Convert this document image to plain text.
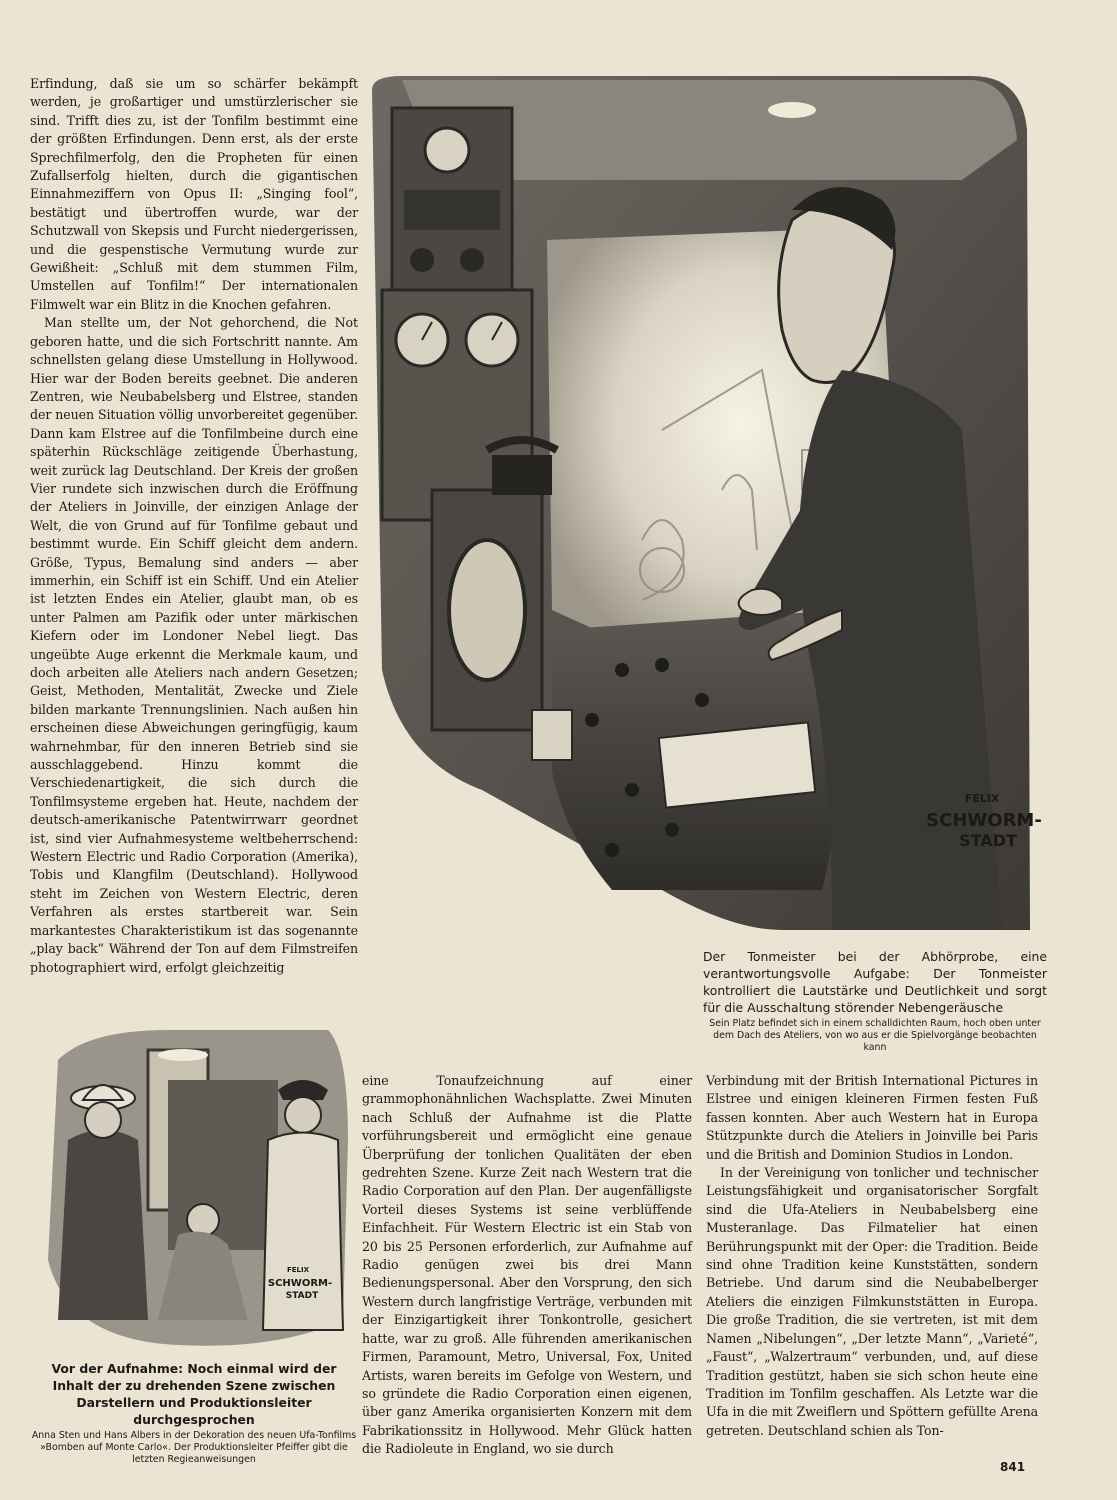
Erfindung, daß sie um so schärfer bekämpft werden, je großartiger und umstürzlerischer sie sind. Trifft dies zu, ist der Tonfilm bestimmt eine der größten Erfindungen. Denn erst, als der erste Sprechfilmerfolg, den die Propheten für einen Zufallserfolg hielten, durch die gigantischen Einnahmeziffern von Opus II: „Singing fool“, bestätigt und übertroffen wurde, war der Schutzwall von Skepsis und Furcht niedergerissen, und die gespenstische Vermutung wurde zur Gewißheit: „Schluß mit dem stummen Film, Umstellen auf Tonfilm!“ Der internationalen Filmwelt war ein Blitz in die Knochen gefahren.

Man stellte um, der Not gehorchend, die Not geboren hatte, und die sich Fortschritt nannte. Am schnellsten gelang diese Umstellung in Hollywood. Hier war der Boden bereits geebnet. Die anderen Zentren, wie Neubabelsberg und Elstree, standen der neuen Situation völlig unvorbereitet gegenüber. Dann kam Elstree auf die Tonfilmbeine durch eine späterhin Rückschläge zeitigende Überhastung, weit zurück lag Deutschland. Der Kreis der großen Vier rundete sich inzwischen durch die Eröffnung der Ateliers in Joinville, der einzigen Anlage der Welt, die von Grund auf für Tonfilme gebaut und bestimmt wurde. Ein Schiff gleicht dem andern. Größe, Typus, Bemalung sind anders — aber immerhin, ein Schiff ist ein Schiff. Und ein Atelier ist letzten Endes ein Atelier, glaubt man, ob es unter Palmen am Pazifik oder unter märkischen Kiefern oder im Londoner Nebel liegt. Das ungeübte Auge erkennt die Merkmale kaum, und doch arbeiten alle Ateliers nach andern Gesetzen; Geist, Methoden, Mentalität, Zwecke und Ziele bilden markante Trennungslinien. Nach außen hin erscheinen diese Abweichungen geringfügig, kaum wahrnehmbar, für den inneren Betrieb sind sie ausschlaggebend. Hinzu kommt die Verschiedenartigkeit, die sich durch die Tonfilmsysteme ergeben hat. Heute, nachdem der deutsch-amerikanische Patentwirrwarr geordnet ist, sind vier Aufnahmesysteme weltbeherrschend: Western Electric und Radio Corporation (Amerika), Tobis und Klangfilm (Deutschland). Hollywood steht im Zeichen von Western Electric, deren Verfahren als erstes startbereit war. Sein markantestes Charakteristikum ist das sogenannte „play back“ Während der Ton auf dem Filmstreifen photographiert wird, erfolgt gleichzeitig

FELIX
SCHWORM-
STADT
Der Tonmeister bei der Abhörprobe, eine verantwortungsvolle Aufgabe: Der Tonmeister kontrolliert die Lautstärke und Deutlichkeit und sorgt für die Ausschaltung störender Nebengeräusche
Sein Platz befindet sich in einem schalldichten Raum, hoch oben unter dem Dach des Ateliers, von wo aus er die Spielvorgänge beobachten kann
FELIX
SCHWORM-
STADT
Vor der Aufnahme: Noch einmal wird der Inhalt der zu drehenden Szene zwischen Darstellern und Produktionsleiter durchgesprochen
Anna Sten und Hans Albers in der Dekoration des neuen Ufa-Tonfilms »Bomben auf Monte Carlo«. Der Produktionsleiter Pfeiffer gibt die letzten Regieanweisungen

eine Tonaufzeichnung auf einer grammophonähnlichen Wachsplatte. Zwei Minuten nach Schluß der Aufnahme ist die Platte vorführungsbereit und ermöglicht eine genaue Überprüfung der tonlichen Qualitäten der eben gedrehten Szene. Kurze Zeit nach Western trat die Radio Corporation auf den Plan. Der augenfälligste Vorteil dieses Systems ist seine verblüffende Einfachheit. Für Western Electric ist ein Stab von 20 bis 25 Personen erforderlich, zur Aufnahme auf Radio genügen zwei bis drei Mann Bedienungspersonal. Aber den Vorsprung, den sich Western durch langfristige Verträge, verbunden mit der Einzigartigkeit ihrer Tonkontrolle, gesichert hatte, war zu groß. Alle führenden amerikanischen Firmen, Paramount, Metro, Universal, Fox, United Artists, waren bereits im Gefolge von Western, und so gründete die Radio Corporation einen eigenen, über ganz Amerika organisierten Konzern mit dem Fabrikationssitz in Hollywood. Mehr Glück hatten die Radioleute in England, wo sie durch

Verbindung mit der British International Pictures in Elstree und einigen kleineren Firmen festen Fuß fassen konnten. Aber auch Western hat in Europa Stützpunkte durch die Ateliers in Joinville bei Paris und die British and Dominion Studios in London.

In der Vereinigung von tonlicher und technischer Leistungsfähigkeit und organisatorischer Sorgfalt sind die Ufa-Ateliers in Neubabelsberg eine Musteranlage. Das Filmatelier hat einen Berührungspunkt mit der Oper: die Tradition. Beide sind ohne Tradition keine Kunststätten, sondern Betriebe. Und darum sind die Neubabelberger Ateliers die einzigen Filmkunststätten in Europa. Die große Tradition, die sie vertreten, ist mit dem Namen „Nibelungen“, „Der letzte Mann“, „Varieté“, „Faust“, „Walzertraum“ verbunden, und, auf diese Tradition gestützt, haben sie sich schon heute eine Tradition im Tonfilm geschaffen. Als Letzte war die Ufa in die mit Zweiflern und Spöttern gefüllte Arena getreten. Deutschland schien als Ton-

841
